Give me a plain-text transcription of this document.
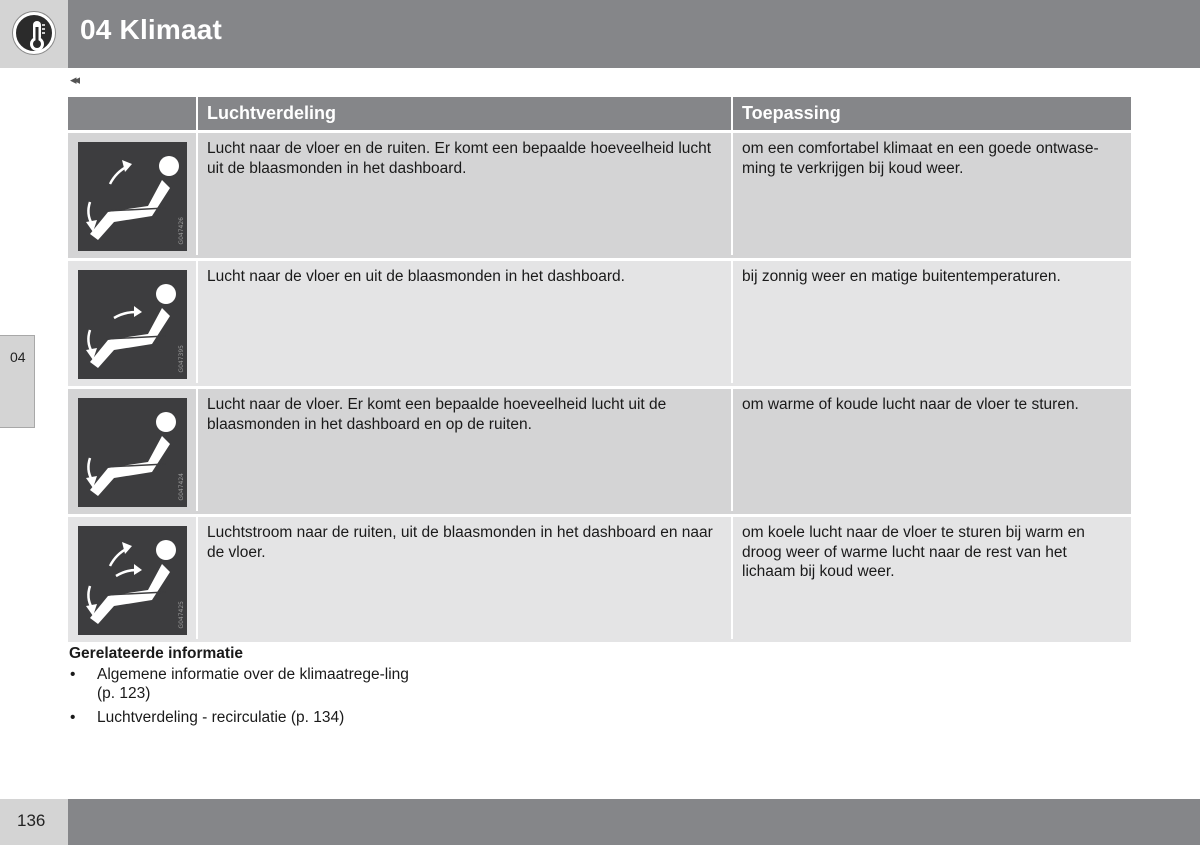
04 Klimaat
◂◂
04
Luchtverdeling	Toepassing
G047426
Lucht naar de vloer en de ruiten. Er komt een bepaalde hoeveelheid lucht uit de blaasmonden in het dashboard.
om een comfortabel klimaat en een goede ontwase-ming te verkrijgen bij koud weer.
G047395
Lucht naar de vloer en uit de blaasmonden in het dashboard.	bij zonnig weer en matige buitentemperaturen.
G047424
Lucht naar de vloer. Er komt een bepaalde hoeveelheid lucht uit de blaasmonden in het dashboard en op de ruiten.
om warme of koude lucht naar de vloer te sturen.
G047425
Luchtstroom naar de ruiten, uit de blaasmonden in het dashboard en naar de vloer.
om koele lucht naar de vloer te sturen bij warm en droog weer of warme lucht naar de rest van het lichaam bij koud weer.
Gerelateerde informatie
• Algemene informatie over de klimaatrege-ling (p. 123)
• Luchtverdeling - recirculatie (p. 134)
136
